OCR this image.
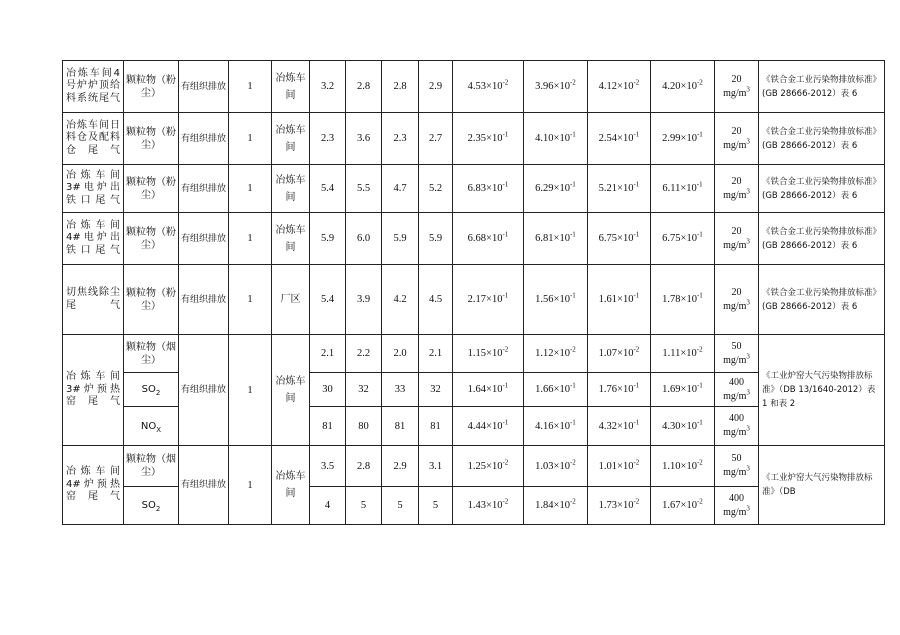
冶炼车间4号炉炉顶给料系统尾气	颗粒物（粉尘）	有组织排放	1	冶炼车间	3.2	2.8	2.8	2.9	$4.53\times 10^{-2}$	$3.96\times 10^{-2}$	$4.12\times 10^{-2}$	$4.20\times 10^{-2}$	20
$mg/m^3$	《铁合金工业污染物排放标准》(GB 28666-2012）表 6
冶炼车间日料仓及配料仓尾气	颗粒物（粉尘）	有组织排放	1	冶炼车间	2.3	3.6	2.3	2.7	$2.35\times 10^{-1}$	$4.10\times 10^{-1}$	$2.54\times 10^{-1}$	$2.99\times 10^{-1}$	20
$mg/m^3$	《铁合金工业污染物排放标准》(GB 28666-2012）表 6
冶炼车间3#电炉出铁口尾气	颗粒物（粉尘）	有组织排放	1	冶炼车间	5.4	5.5	4.7	5.2	$6.83\times 10^{-1}$	$6.29\times 10^{-1}$	$5.21\times 10^{-1}$	$6.11\times 10^{-1}$	20
$mg/m^3$	《铁合金工业污染物排放标准》(GB 28666-2012）表 6
冶炼车间4#电炉出铁口尾气	颗粒物（粉尘）	有组织排放	1	冶炼车间	5.9	6.0	5.9	5.9	$6.68\times 10^{-1}$	$6.81\times 10^{-1}$	$6.75\times 10^{-1}$	$6.75\times 10^{-1}$	20
$mg/m^3$	《铁合金工业污染物排放标准》(GB 28666-2012）表 6
切焦线除尘尾气	颗粒物（粉尘）	有组织排放	1	厂区	5.4	3.9	4.2	4.5	$2.17\times 10^{-1}$	$1.56\times 10^{-1}$	$1.61\times 10^{-1}$	$1.78\times 10^{-1}$	20
$mg/m^3$	《铁合金工业污染物排放标准》(GB 28666-2012）表 6
冶炼车间3#炉预热窑尾气	颗粒物（烟尘）	有组织排放	1	冶炼车间	2.1	2.2	2.0	2.1	$1.15\times 10^{-2}$	$1.12\times 10^{-2}$	$1.07\times 10^{-2}$	$1.11\times 10^{-2}$	50
$mg/m^3$	《工业炉窑大气污染物排放标准》（DB 13/1640-2012）表 1 和表 2
	$SO_2$				30	32	33	32	$1.64\times 10^{-1}$	$1.66\times 10^{-1}$	$1.76\times 10^{-1}$	$1.69\times 10^{-1}$	400
$mg/m^3$
	$NO_X$				81	80	81	81	$4.44\times 10^{-1}$	$4.16\times 10^{-1}$	$4.32\times 10^{-1}$	$4.30\times 10^{-1}$	400
$mg/m^3$
冶炼车间4#炉预热窑尾气	颗粒物（烟尘）	有组织排放	1	冶炼车间	3.5	2.8	2.9	3.1	$1.25\times 10^{-2}$	$1.03\times 10^{-2}$	$1.01\times 10^{-2}$	$1.10\times 10^{-2}$	50
$mg/m^3$	《工业炉窑大气污染物排放标准》（DB
	$SO_2$				4	5	5	5	$1.43\times 10^{-2}$	$1.84\times 10^{-2}$	$1.73\times 10^{-2}$	$1.67\times 10^{-2}$	400
$mg/m^3$
